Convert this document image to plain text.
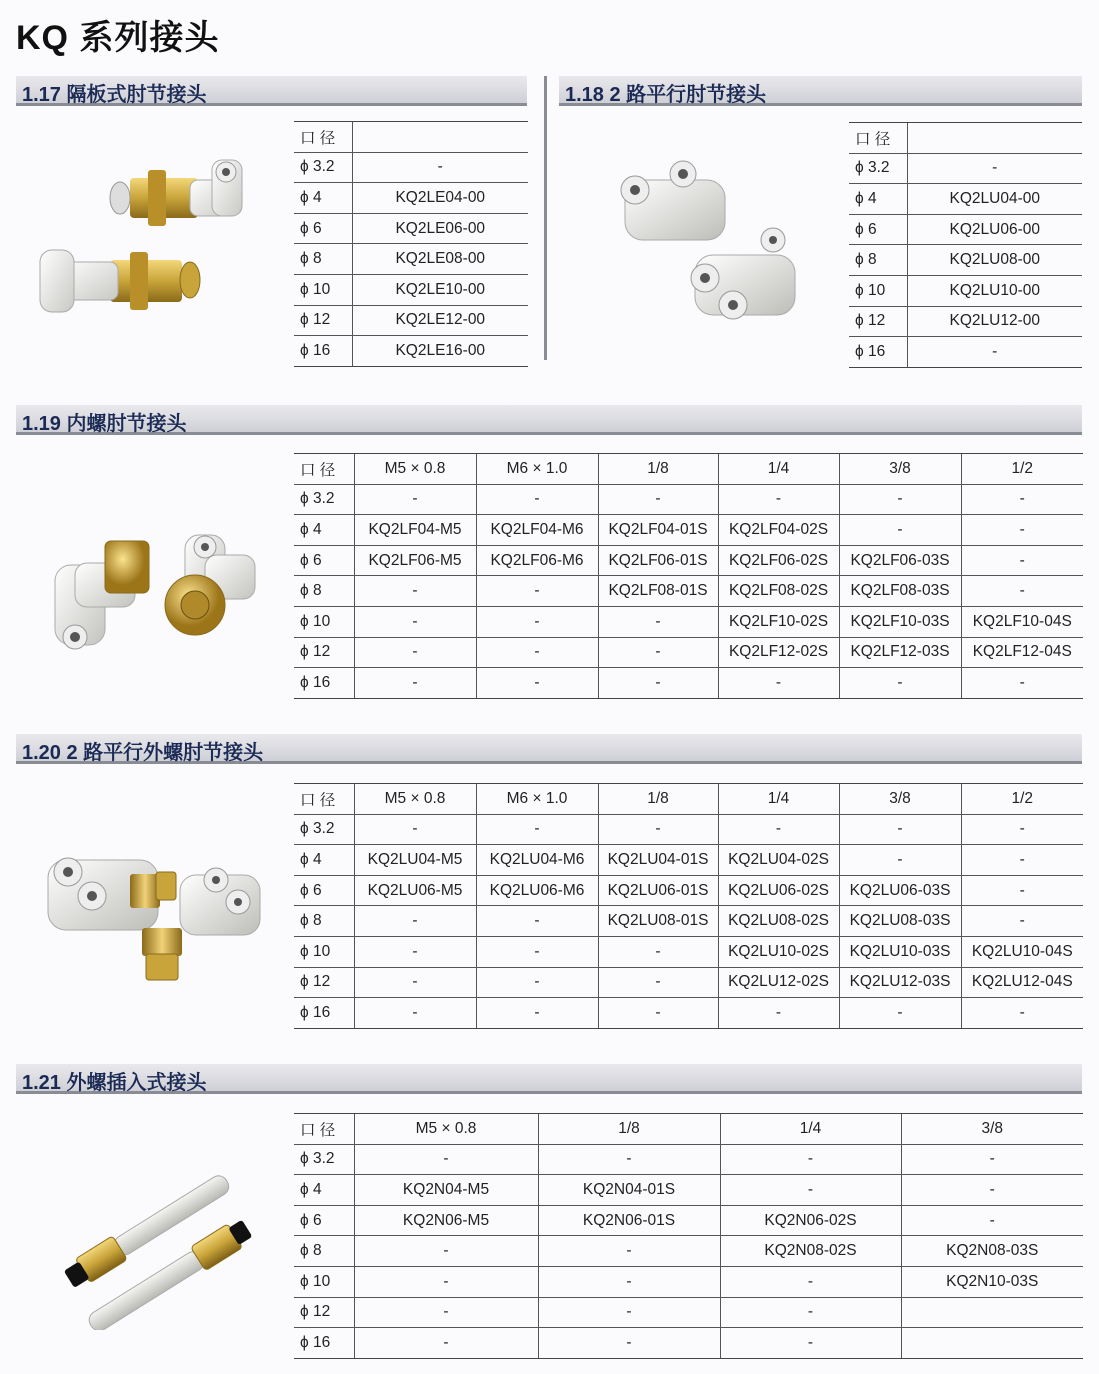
KQ 系列接头
1.17 隔板式肘节接头
口 径	
ϕ 3.2	-
ϕ 4	KQ2LE04-00
ϕ 6	KQ2LE06-00
ϕ 8	KQ2LE08-00
ϕ 10	KQ2LE10-00
ϕ 12	KQ2LE12-00
ϕ 16	KQ2LE16-00
1.18 2 路平行肘节接头
口 径	
ϕ 3.2	-
ϕ 4	KQ2LU04-00
ϕ 6	KQ2LU06-00
ϕ 8	KQ2LU08-00
ϕ 10	KQ2LU10-00
ϕ 12	KQ2LU12-00
ϕ 16	-
1.19 内螺肘节接头
口 径	M5 × 0.8	M6 × 1.0	1/8	1/4	3/8	1/2
ϕ 3.2	-	-	-	-	-	-
ϕ 4	KQ2LF04-M5	KQ2LF04-M6	KQ2LF04-01S	KQ2LF04-02S	-	-
ϕ 6	KQ2LF06-M5	KQ2LF06-M6	KQ2LF06-01S	KQ2LF06-02S	KQ2LF06-03S	-
ϕ 8	-	-	KQ2LF08-01S	KQ2LF08-02S	KQ2LF08-03S	-
ϕ 10	-	-	-	KQ2LF10-02S	KQ2LF10-03S	KQ2LF10-04S
ϕ 12	-	-	-	KQ2LF12-02S	KQ2LF12-03S	KQ2LF12-04S
ϕ 16	-	-	-	-	-	-
1.20 2 路平行外螺肘节接头
口 径	M5 × 0.8	M6 × 1.0	1/8	1/4	3/8	1/2
ϕ 3.2	-	-	-	-	-	-
ϕ 4	KQ2LU04-M5	KQ2LU04-M6	KQ2LU04-01S	KQ2LU04-02S	-	-
ϕ 6	KQ2LU06-M5	KQ2LU06-M6	KQ2LU06-01S	KQ2LU06-02S	KQ2LU06-03S	-
ϕ 8	-	-	KQ2LU08-01S	KQ2LU08-02S	KQ2LU08-03S	-
ϕ 10	-	-	-	KQ2LU10-02S	KQ2LU10-03S	KQ2LU10-04S
ϕ 12	-	-	-	KQ2LU12-02S	KQ2LU12-03S	KQ2LU12-04S
ϕ 16	-	-	-	-	-	-
1.21 外螺插入式接头
口 径	M5 × 0.8	1/8	1/4	3/8
ϕ 3.2	-	-	-	-
ϕ 4	KQ2N04-M5	KQ2N04-01S	-	-
ϕ 6	KQ2N06-M5	KQ2N06-01S	KQ2N06-02S	-
ϕ 8	-	-	KQ2N08-02S	KQ2N08-03S
ϕ 10	-	-	-	KQ2N10-03S
ϕ 12	-	-	-	
ϕ 16	-	-	-	
